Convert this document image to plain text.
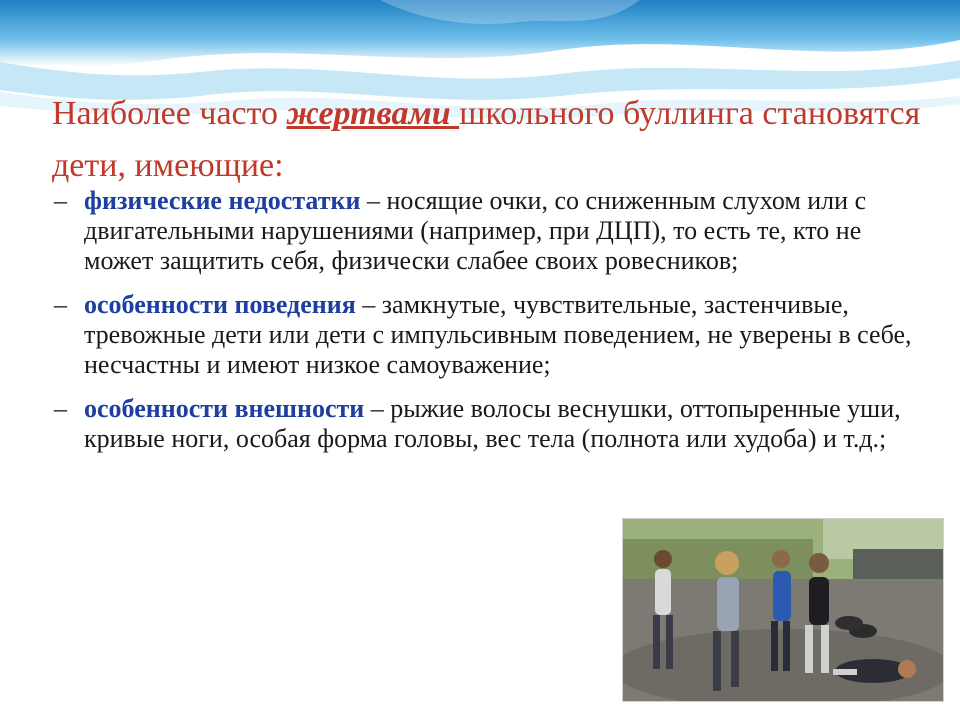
Наиболее часто жертвами школьного буллинга становятся дети, имеющие:
– физические недостатки – носящие очки, со сниженным слухом или с двигательными нарушениями (например, при ДЦП), то есть те, кто не может защитить себя, физически слабее своих ровесников;
– особенности поведения – замкнутые, чувствительные, застенчивые, тревожные дети или дети с импульсивным поведением, не уверены в себе, несчастны и имеют низкое самоуважение;
– особенности внешности – рыжие волосы веснушки, оттопыренные уши, кривые ноги, особая форма головы, вес тела (полнота или худоба) и т.д.;
